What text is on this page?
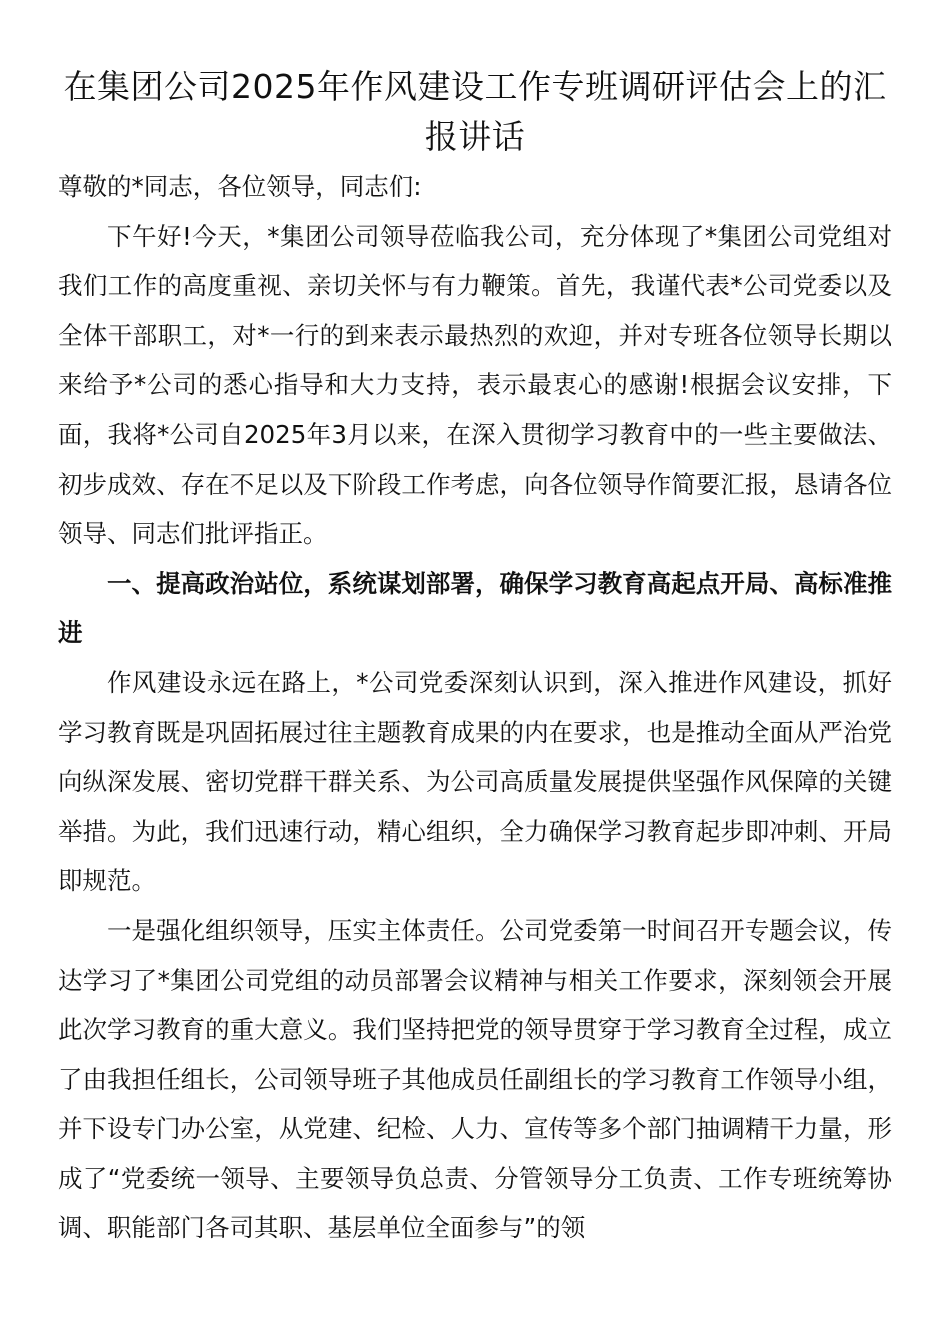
在集团公司2025年作风建设工作专班调研评估会上的汇报讲话

尊敬的*同志，各位领导，同志们:

下午好!今天，*集团公司领导莅临我公司，充分体现了*集团公司党组对我们工作的高度重视、亲切关怀与有力鞭策。首先，我谨代表*公司党委以及全体干部职工，对*一行的到来表示最热烈的欢迎，并对专班各位领导长期以来给予*公司的悉心指导和大力支持，表示最衷心的感谢!根据会议安排，下面，我将*公司自2025年3月以来，在深入贯彻学习教育中的一些主要做法、初步成效、存在不足以及下阶段工作考虑，向各位领导作简要汇报，恳请各位领导、同志们批评指正。

一、提高政治站位，系统谋划部署，确保学习教育高起点开局、高标准推进

作风建设永远在路上，*公司党委深刻认识到，深入推进作风建设，抓好学习教育既是巩固拓展过往主题教育成果的内在要求，也是推动全面从严治党向纵深发展、密切党群干群关系、为公司高质量发展提供坚强作风保障的关键举措。为此，我们迅速行动，精心组织，全力确保学习教育起步即冲刺、开局即规范。

一是强化组织领导，压实主体责任。公司党委第一时间召开专题会议，传达学习了*集团公司党组的动员部署会议精神与相关工作要求，深刻领会开展此次学习教育的重大意义。我们坚持把党的领导贯穿于学习教育全过程，成立了由我担任组长，公司领导班子其他成员任副组长的学习教育工作领导小组，并下设专门办公室，从党建、纪检、人力、宣传等多个部门抽调精干力量，形成了“党委统一领导、主要领导负总责、分管领导分工负责、工作专班统筹协调、职能部门各司其职、基层单位全面参与”的领
